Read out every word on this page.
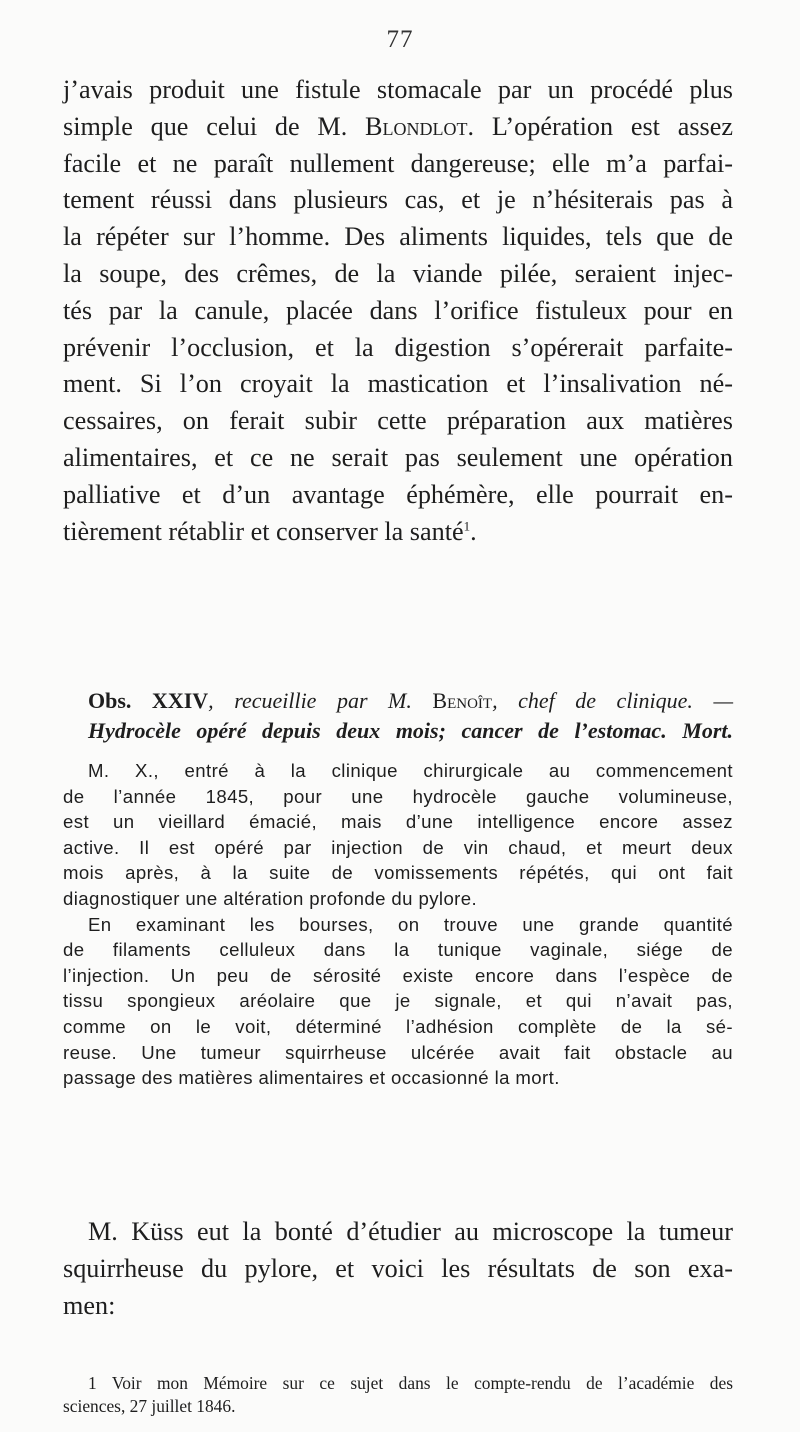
77
j’avais produit une fistule stomacale par un procédé plus
simple que celui de M. Blondlot. L’opération est assez
facile et ne paraît nullement dangereuse; elle m’a parfai-
tement réussi dans plusieurs cas, et je n’hésiterais pas à
la répéter sur l’homme. Des aliments liquides, tels que de
la soupe, des crêmes, de la viande pilée, seraient injec-
tés par la canule, placée dans l’orifice fistuleux pour en
prévenir l’occlusion, et la digestion s’opérerait parfaite-
ment. Si l’on croyait la mastication et l’insalivation né-
cessaires, on ferait subir cette préparation aux matières
alimentaires, et ce ne serait pas seulement une opération
palliative et d’un avantage éphémère, elle pourrait en-
tièrement rétablir et conserver la santé$^1$.
Obs. XXIV, recueillie par M. Benoît, chef de clinique. —
Hydrocèle opéré depuis deux mois; cancer de l’estomac. Mort.
M. X., entré à la clinique chirurgicale au commencement
de l’année 1845, pour une hydrocèle gauche volumineuse,
est un vieillard émacié, mais d’une intelligence encore assez
active. Il est opéré par injection de vin chaud, et meurt deux
mois après, à la suite de vomissements répétés, qui ont fait
diagnostiquer une altération profonde du pylore.
En examinant les bourses, on trouve une grande quantité
de filaments celluleux dans la tunique vaginale, siége de
l’injection. Un peu de sérosité existe encore dans l’espèce de
tissu spongieux aréolaire que je signale, et qui n’avait pas,
comme on le voit, déterminé l’adhésion complète de la sé-
reuse. Une tumeur squirrheuse ulcérée avait fait obstacle au
passage des matières alimentaires et occasionné la mort.
M. Küss eut la bonté d’étudier au microscope la tumeur
squirrheuse du pylore, et voici les résultats de son exa-
men:
1 Voir mon Mémoire sur ce sujet dans le compte-rendu de l’académie des
sciences, 27 juillet 1846.
